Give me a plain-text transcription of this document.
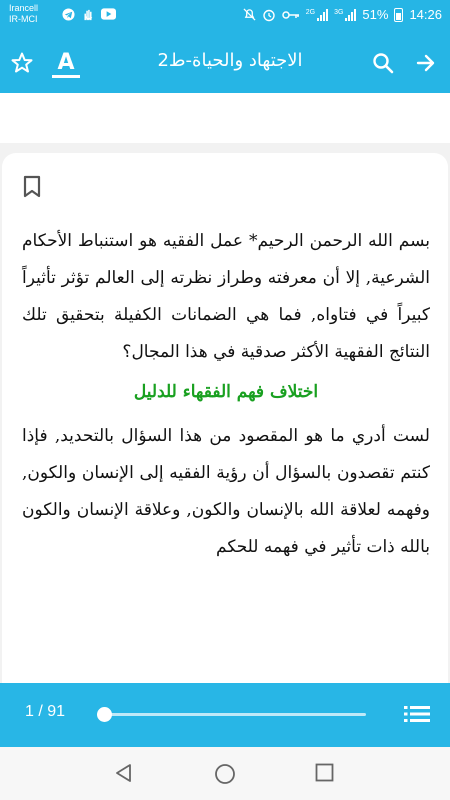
Irancell
IR-MCI
2G	3G 51% 14:26
A	الاجتهاد والحياة-ط2

بسم الله الرحمن الرحيم* عمل الفقيه هو استنباط الأحكام الشرعية, إلا أن معرفته وطراز نظرته إلى العالم تؤثر تأثيراً كبيراً في فتاواه, فما هي الضمانات الكفيلة بتحقيق تلك النتائج الفقهية الأكثر صدقية في هذا المجال؟

اختلاف فهم الفقهاء للدليل

لست أدري ما هو المقصود من هذا السؤال بالتحديد, فإذا كنتم تقصدون بالسؤال أن رؤية الفقيه إلى الإنسان والكون, وفهمه لعلاقة الله بالإنسان والكون, وعلاقة الإنسان والكون بالله ذات تأثير في فهمه للحكم

1 / 91
